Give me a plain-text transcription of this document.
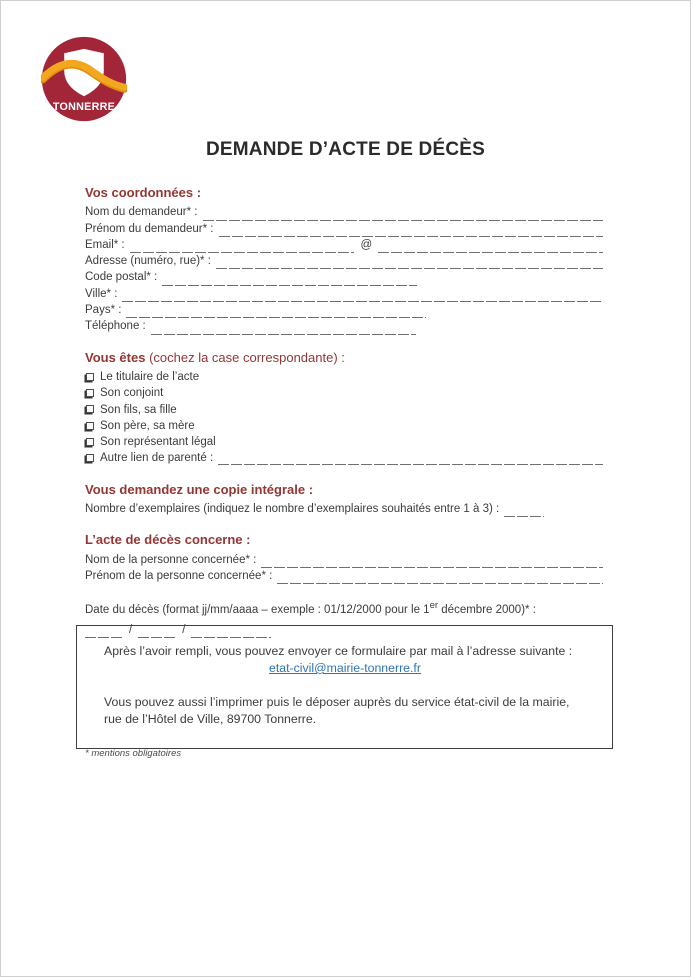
TONNERRE
DEMANDE D’ACTE DE DÉCÈS
Vos coordonnées :
Nom du demandeur* :
Prénom du demandeur* :
Email* :	@
Adresse (numéro, rue)* :
Code postal* :
Ville* :
Pays* :
Téléphone :
Vous êtes (cochez la case correspondante) :
Le titulaire de l’acte
Son conjoint
Son fils, sa fille
Son père, sa mère
Son représentant légal
Autre lien de parenté :
Vous demandez une copie intégrale :
Nombre d’exemplaires (indiquez le nombre d’exemplaires souhaités entre 1 à 3) :
L’acte de décès concerne :
Nom de la personne concernée* :
Prénom de la personne concernée* :
Date du décès (format jj/mm/aaaa – exemple : 01/12/2000 pour le 1er décembre 2000)* :
/	/
Après l’avoir rempli, vous pouvez envoyer ce formulaire par mail à l’adresse suivante :
etat-civil@mairie-tonnerre.fr
Vous pouvez aussi l’imprimer puis le déposer auprès du service état-civil de la mairie, rue de l’Hôtel de Ville, 89700 Tonnerre.
* mentions obligatoires
